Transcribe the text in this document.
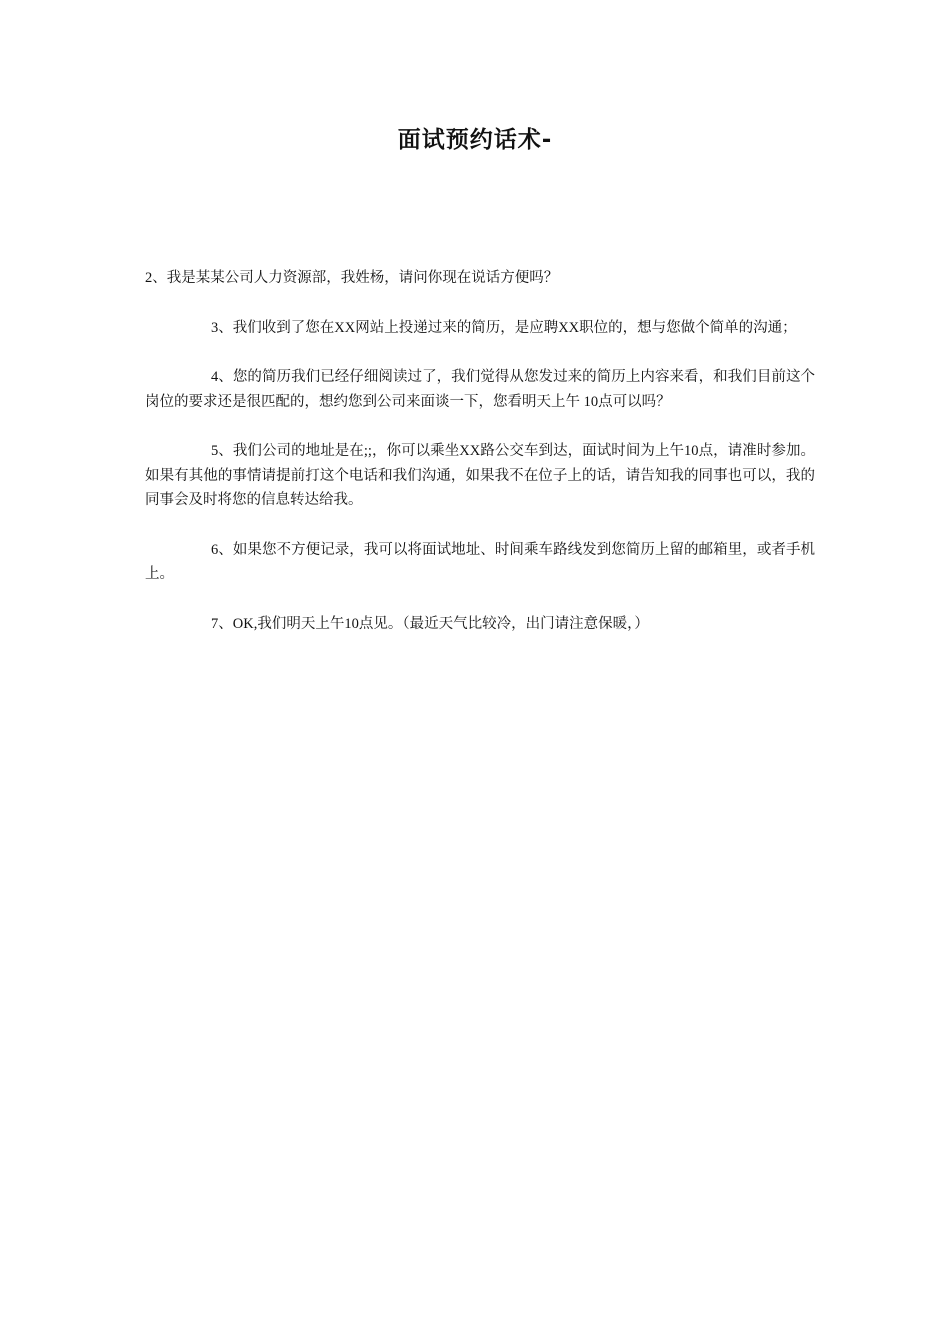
面试预约话术-

2、我是某某公司人力资源部，我姓杨，请问你现在说话方便吗？

3、我们收到了您在XX网站上投递过来的简历，是应聘XX职位的，想与您做个简单的沟通；

4、您的简历我们已经仔细阅读过了，我们觉得从您发过来的简历上内容来看，和我们目前这个岗位的要求还是很匹配的，想约您到公司来面谈一下，您看明天上午 10点可以吗？

5、我们公司的地址是在;;，你可以乘坐XX路公交车到达，面试时间为上午10点，请准时参加。如果有其他的事情请提前打这个电话和我们沟通，如果我不在位子上的话，请告知我的同事也可以，我的同事会及时将您的信息转达给我。

6、如果您不方便记录，我可以将面试地址、时间乘车路线发到您简历上留的邮箱里，或者手机上。

7、OK,我们明天上午10点见。（最近天气比较冷，出门请注意保暖，）
